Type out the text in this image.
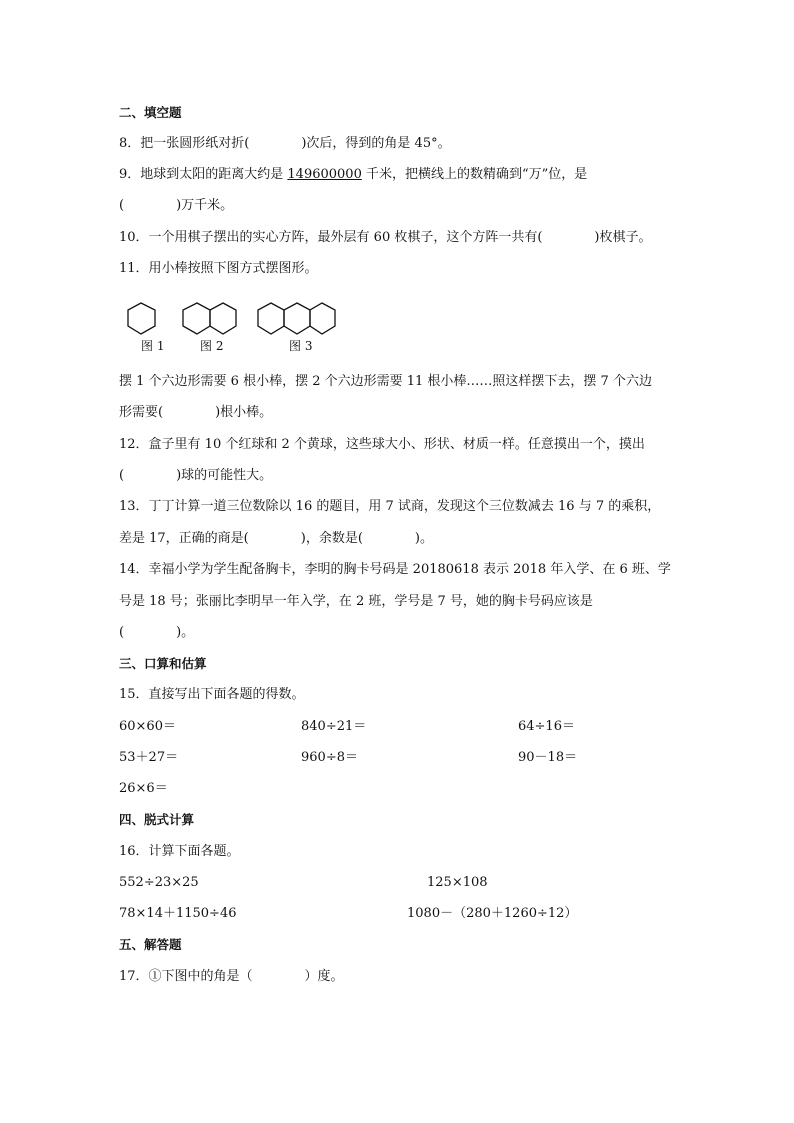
二、填空题
8．把一张圆形纸对折(	)次后，得到的角是 45°。
9．地球到太阳的距离大约是 149600000 千米，把横线上的数精确到“万”位，是
(	)万千米。
10．一个用棋子摆出的实心方阵，最外层有 60 枚棋子，这个方阵一共有(	)枚棋子。
11．用小棒按照下图方式摆图形。
图 1	图 2	图 3
摆 1 个六边形需要 6 根小棒，摆 2 个六边形需要 11 根小棒……照这样摆下去，摆 7 个六边
形需要(	)根小棒。
12．盒子里有 10 个红球和 2 个黄球，这些球大小、形状、材质一样。任意摸出一个，摸出
(	)球的可能性大。
13．丁丁计算一道三位数除以 16 的题目，用 7 试商，发现这个三位数减去 16 与 7 的乘积，
差是 17，正确的商是(	)，余数是(	)。
14．幸福小学为学生配备胸卡，李明的胸卡号码是 20180618 表示 2018 年入学、在 6 班、学
号是 18 号；张丽比李明早一年入学，在 2 班，学号是 7 号，她的胸卡号码应该是
(	)。
三、口算和估算
15．直接写出下面各题的得数。
60×60＝	840÷21＝	64÷16＝
53＋27＝	960÷8＝	90－18＝
26×6＝
四、脱式计算
16．计算下面各题。
552÷23×25	125×108
78×14＋1150÷46	1080－（280＋1260÷12）
五、解答题
17．①下图中的角是（	）度。
